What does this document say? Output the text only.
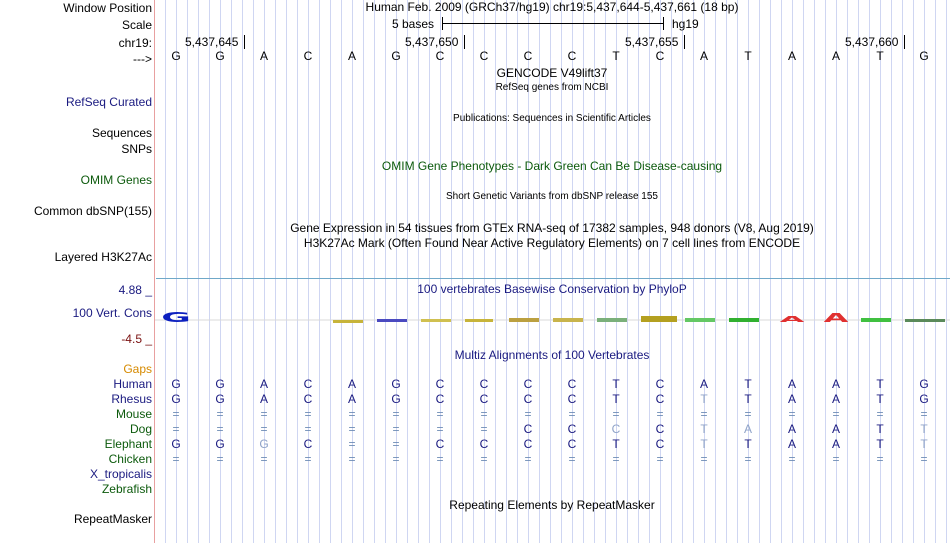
Window Position	Human Feb. 2009 (GRCh37/hg19) chr19:5,437,644-5,437,661 (18 bp)
Scale	5 bases	hg19
chr19:	5,437,645	5,437,650	5,437,655	5,437,660
--->	G	G	A	C	A	G	C	C	C	C	T	C	A	T	A	A	T	G
GENCODE V49lift37
RefSeq genes from NCBI
RefSeq Curated
Publications: Sequences in Scientific Articles
Sequences
SNPs
OMIM Gene Phenotypes - Dark Green Can Be Disease-causing
OMIM Genes
Short Genetic Variants from dbSNP release 155
Common dbSNP(155)
Gene Expression in 54 tissues from GTEx RNA-seq of 17382 samples, 948 donors (V8, Aug 2019)
H3K27Ac Mark (Often Found Near Active Regulatory Elements) on 7 cell lines from ENCODE
Layered H3K27Ac
4.88 _	100 vertebrates Basewise Conservation by PhyloP
100 Vert. Cons
-4.5 _
G	A A
Multiz Alignments of 100 Vertebrates
Gaps
Human	G	G	A	C	A	G	C	C	C	C	T	C	A	T	A	A	T	G
Rhesus	G	G	A	C	A	G	C	C	C	C	T	C	T	T	A	A	T	G
Mouse	=	=	=	=	=	=	=	=	=	=	=	=	=	=	=	=	=	=
Dog	=	=	=	=	=	=	=	=	C	C	C	C	T	A	A	A	T	T
Elephant	G	G	G	C	=	=	C	C	C	C	T	C	T	T	A	A	T	T
Chicken	=	=	=	=	=	=	=	=	=	=	=	=	=	=	=	=	=	=
X_tropicalis
Zebrafish
Repeating Elements by RepeatMasker
RepeatMasker
